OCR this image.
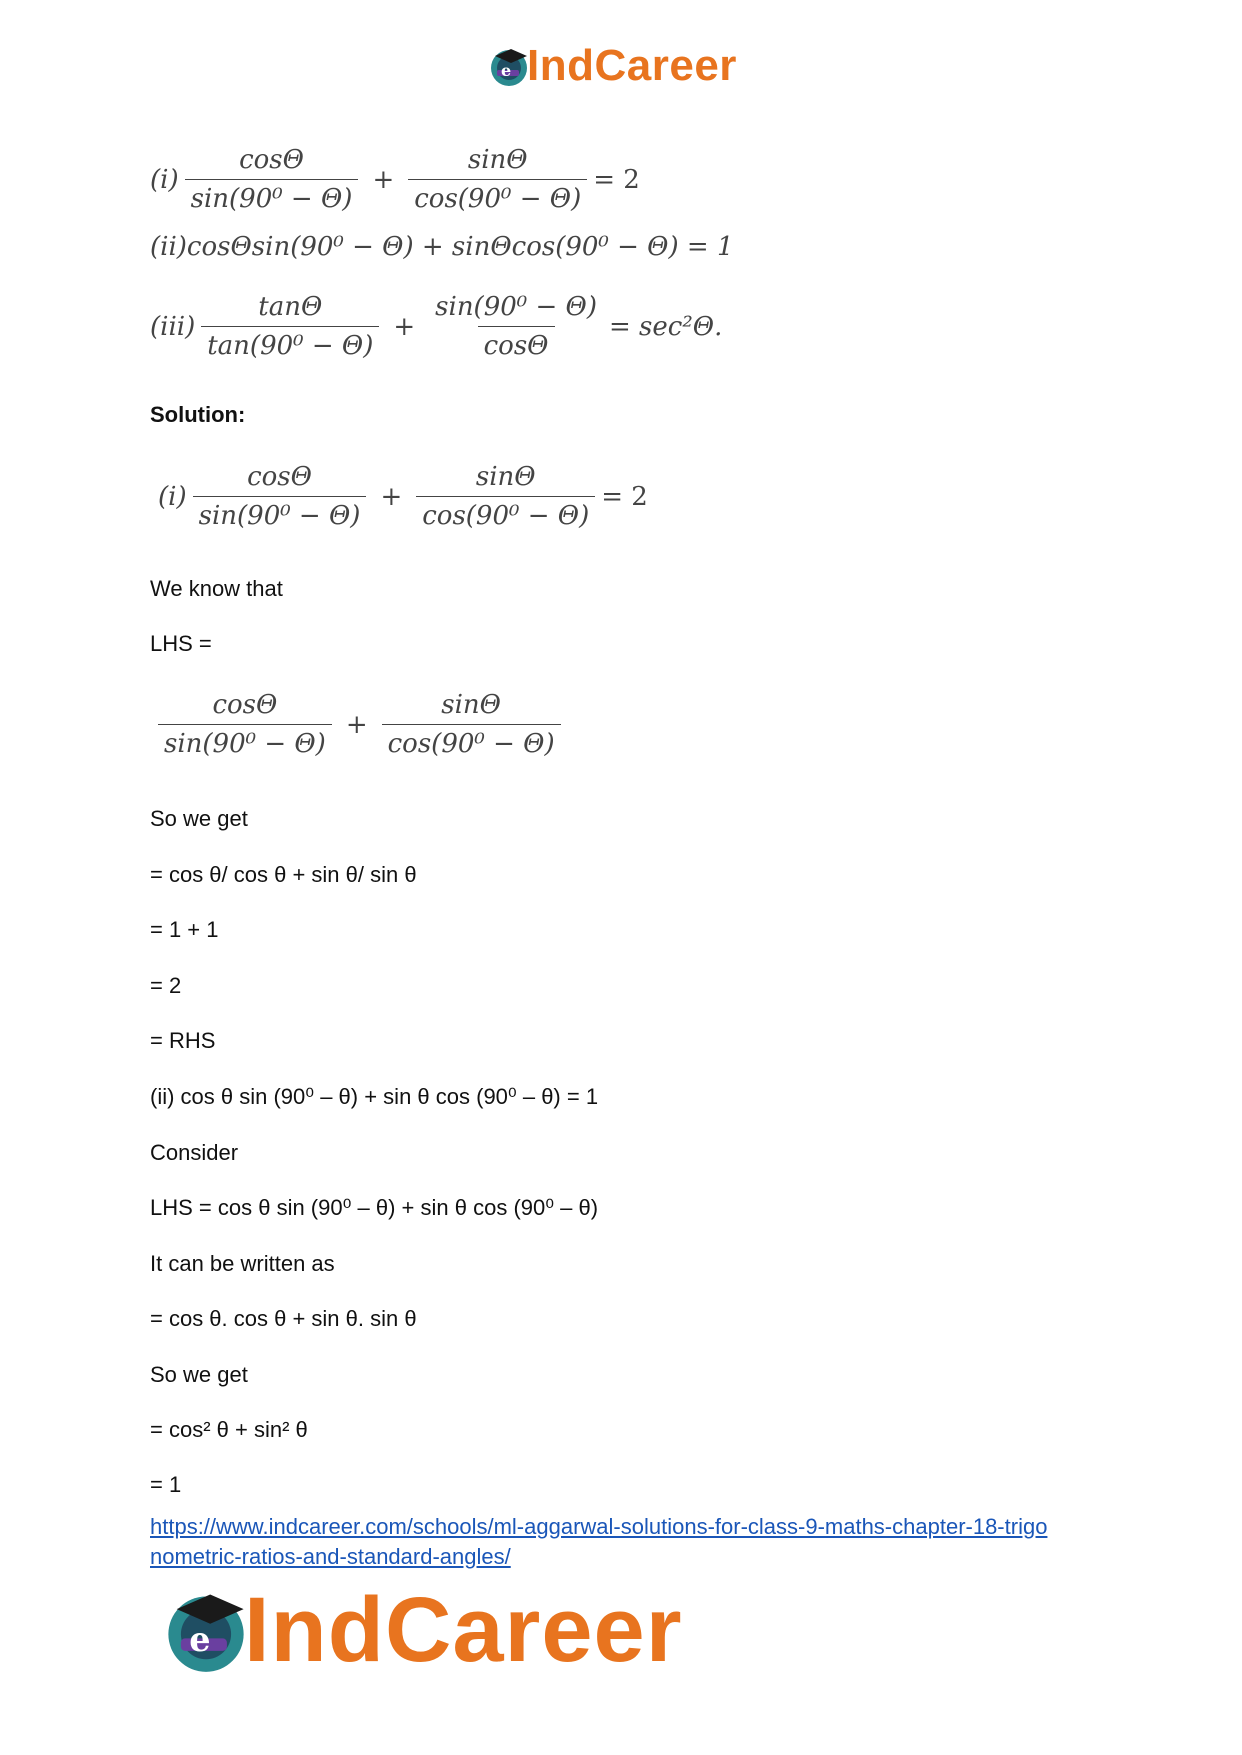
e IndCareer
$(i) \frac{\cos\Theta}{\text{sin(90⁰ − Θ)}} + \frac{\sin\Theta}{\text{cos(90⁰ − Θ)}} = 2$
(ii)cosΘsin(90⁰ − Θ) + sinΘcos(90⁰ − Θ) = 1
$(iii) \frac{\tan\Theta}{\text{tan(90⁰ − Θ)}} + \frac{\text{sin(90⁰ − Θ)}}{\cos\Theta} = \sec^2\Theta$.
Solution:
$(i) \frac{\cos\Theta}{\text{sin(90⁰ − Θ)}} + \frac{\sin\Theta}{\text{cos(90⁰ − Θ)}} = 2$
We know that
LHS =
$\frac{\cos\Theta}{\text{sin(90⁰ − Θ)}} + \frac{\sin\Theta}{\text{cos(90⁰ − Θ)}}$
So we get
= cos θ/ cos θ + sin θ/ sin θ
= 1 + 1
= 2
= RHS
(ii) cos θ sin (90⁰ – θ) + sin θ cos (90⁰ – θ) = 1
Consider
LHS = cos θ sin (90⁰ – θ) + sin θ cos (90⁰ – θ)
It can be written as
= cos θ. cos θ + sin θ. sin θ
So we get
= cos² θ + sin² θ
= 1
https://www.indcareer.com/schools/ml-aggarwal-solutions-for-class-9-maths-chapter-18-trigo
nometric-ratios-and-standard-angles/
e IndCareer
